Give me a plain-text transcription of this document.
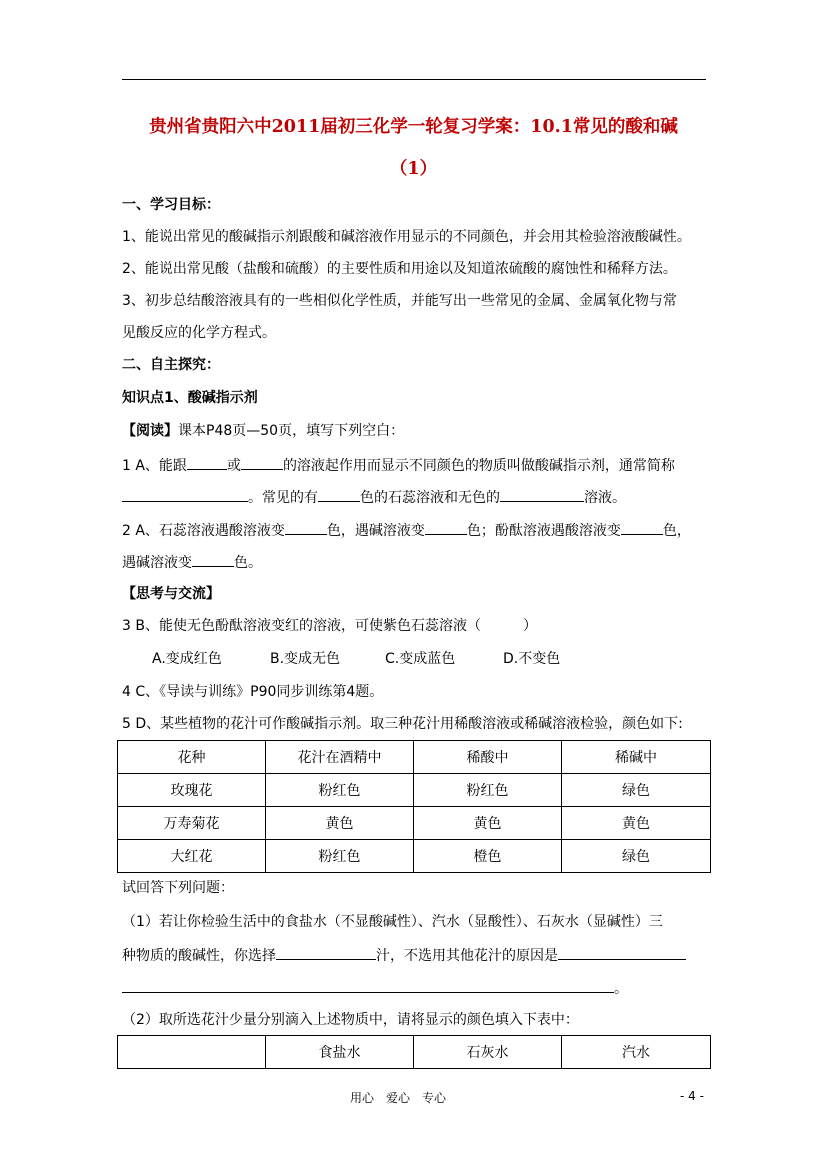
贵州省贵阳六中2011届初三化学一轮复习学案：10.1常见的酸和碱
（1）
一、学习目标：
1、能说出常见的酸碱指示剂跟酸和碱溶液作用显示的不同颜色，并会用其检验溶液酸碱性。
2、能说出常见酸（盐酸和硫酸）的主要性质和用途以及知道浓硫酸的腐蚀性和稀释方法。
3、初步总结酸溶液具有的一些相似化学性质，并能写出一些常见的金属、金属氧化物与常
见酸反应的化学方程式。
二、自主探究：
知识点1、酸碱指示剂
【阅读】课本P48页—50页，填写下列空白：
1 A、能跟	或	的溶液起作用而显示不同颜色的物质叫做酸碱指示剂，通常简称
。常见的有	色的石蕊溶液和无色的	溶液。
2 A、石蕊溶液遇酸溶液变	色，遇碱溶液变	色；酚酞溶液遇酸溶液变	色，
遇碱溶液变	色。
【思考与交流】
3 B、能使无色酚酞溶液变红的溶液，可使紫色石蕊溶液（　　　）
A.变成红色	B.变成无色	C.变成蓝色	D.不变色
4 C、《导读与训练》P90同步训练第4题。
5 D、某些植物的花汁可作酸碱指示剂。取三种花汁用稀酸溶液或稀碱溶液检验，颜色如下:
花种	花汁在酒精中	稀酸中	稀碱中
玫瑰花	粉红色	粉红色	绿色
万寿菊花	黄色	黄色	黄色
大红花	粉红色	橙色	绿色
试回答下列问题：
（1）若让你检验生活中的食盐水（不显酸碱性）、汽水（显酸性）、石灰水（显碱性）三
种物质的酸碱性，你选择	汁，不选用其他花汁的原因是
。
（2）取所选花汁少量分别滴入上述物质中，请将显示的颜色填入下表中：
	食盐水	石灰水	汽水
用心　爱心　专心	- 4 -
